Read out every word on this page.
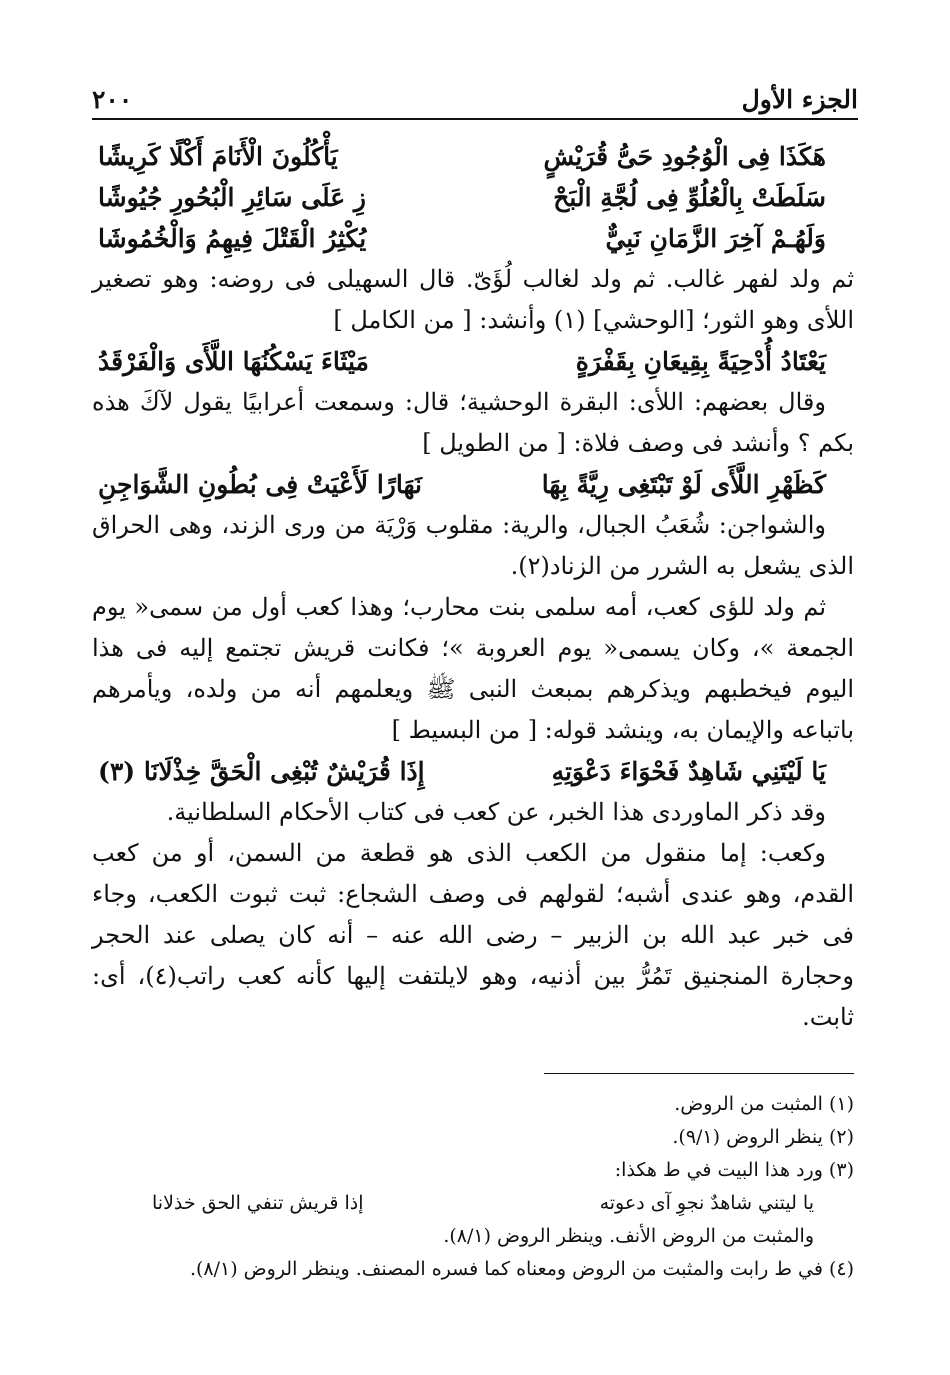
الجزء الأول
٢٠٠
هَكَذَا فِى الْوُجُودِ حَىُّ قُرَيْشٍ
يَأْكُلُونَ الْأَنَامَ أَكْلًا كَرِيشًا
سَلَطَتْ بِالْعُلُوِّ فِى لُجَّةِ الْبَحْ
زِ عَلَى سَائِرِ الْبُحُورِ جُيُوشًا
وَلَهُـمْ آخِرَ الزَّمَانِ نَبِيٌّ
يُكْثِرُ الْقَتْلَ فِيهِمُ وَالْخُمُوشَا

ثم ولد لفهر غالب. ثم ولد لغالب لُؤَىّ. قال السهيلى فى روضه: وهو تصغير اللأى وهو الثور؛ [الوحشي] (١) وأنشد: [ من الكامل ]

يَعْتَادُ أُدْحِيَةً بِقِيعَانِ بِقَفْرَةٍ
مَيْثَاءَ يَسْكُنُهَا اللَّأَى وَالْفَرْقَدُ

وقال بعضهم: اللأى: البقرة الوحشية؛ قال: وسمعت أعرابيًا يقول لآكَ هذه بكم ؟ وأنشد فى وصف فلاة: [ من الطويل ]

كَظَهْرِ اللَّأَى لَوْ تَبْتَغِى رِيَّةً بِهَا
نَهَارًا لَأَعْيَتْ فِى بُطُونِ الشَّوَاجِنِ

والشواجن: شُعَبُ الجبال، والرية: مقلوب وَرْيَة من ورى الزند، وهى الحراق الذى يشعل به الشرر من الزناد(٢).

ثم ولد للؤى كعب، أمه سلمى بنت محارب؛ وهذا كعب أول من سمى« يوم الجمعة »، وكان يسمى« يوم العروبة »؛ فكانت قريش تجتمع إليه فى هذا اليوم فيخطبهم ويذكرهم بمبعث النبى ﷺ ويعلمهم أنه من ولده، ويأمرهم باتباعه والإيمان به، وينشد قوله: [ من البسيط ]

يَا لَيْتَنِي شَاهِدٌ فَحْوَاءَ دَعْوَتِهِ
إِذَا قُرَيْشٌ تُبْغِى الْحَقَّ خِذْلَانَا (٣)

وقد ذكر الماوردى هذا الخبر، عن كعب فى كتاب الأحكام السلطانية.

وكعب: إما منقول من الكعب الذى هو قطعة من السمن، أو من كعب القدم، وهو عندى أشبه؛ لقولهم فى وصف الشجاع: ثبت ثبوت الكعب، وجاء فى خبر عبد الله بن الزبير – رضى الله عنه – أنه كان يصلى عند الحجر وحجارة المنجنيق تَمُرُّ بين أذنيه، وهو لايلتفت إليها كأنه كعب راتب(٤)، أى: ثابت.

(١) المثبت من الروض.

(٢) ينظر الروض (٩/١).

(٣) ورد هذا البيت في ط هكذا:

يا ليتني شاهدٌ نجوِ آى دعوته
إذا قريش تنفي الحق خذلانا

والمثبت من الروض الأنف. وينظر الروض (٨/١).

(٤) في ط رابت والمثبت من الروض ومعناه كما فسره المصنف. وينظر الروض (٨/١).
